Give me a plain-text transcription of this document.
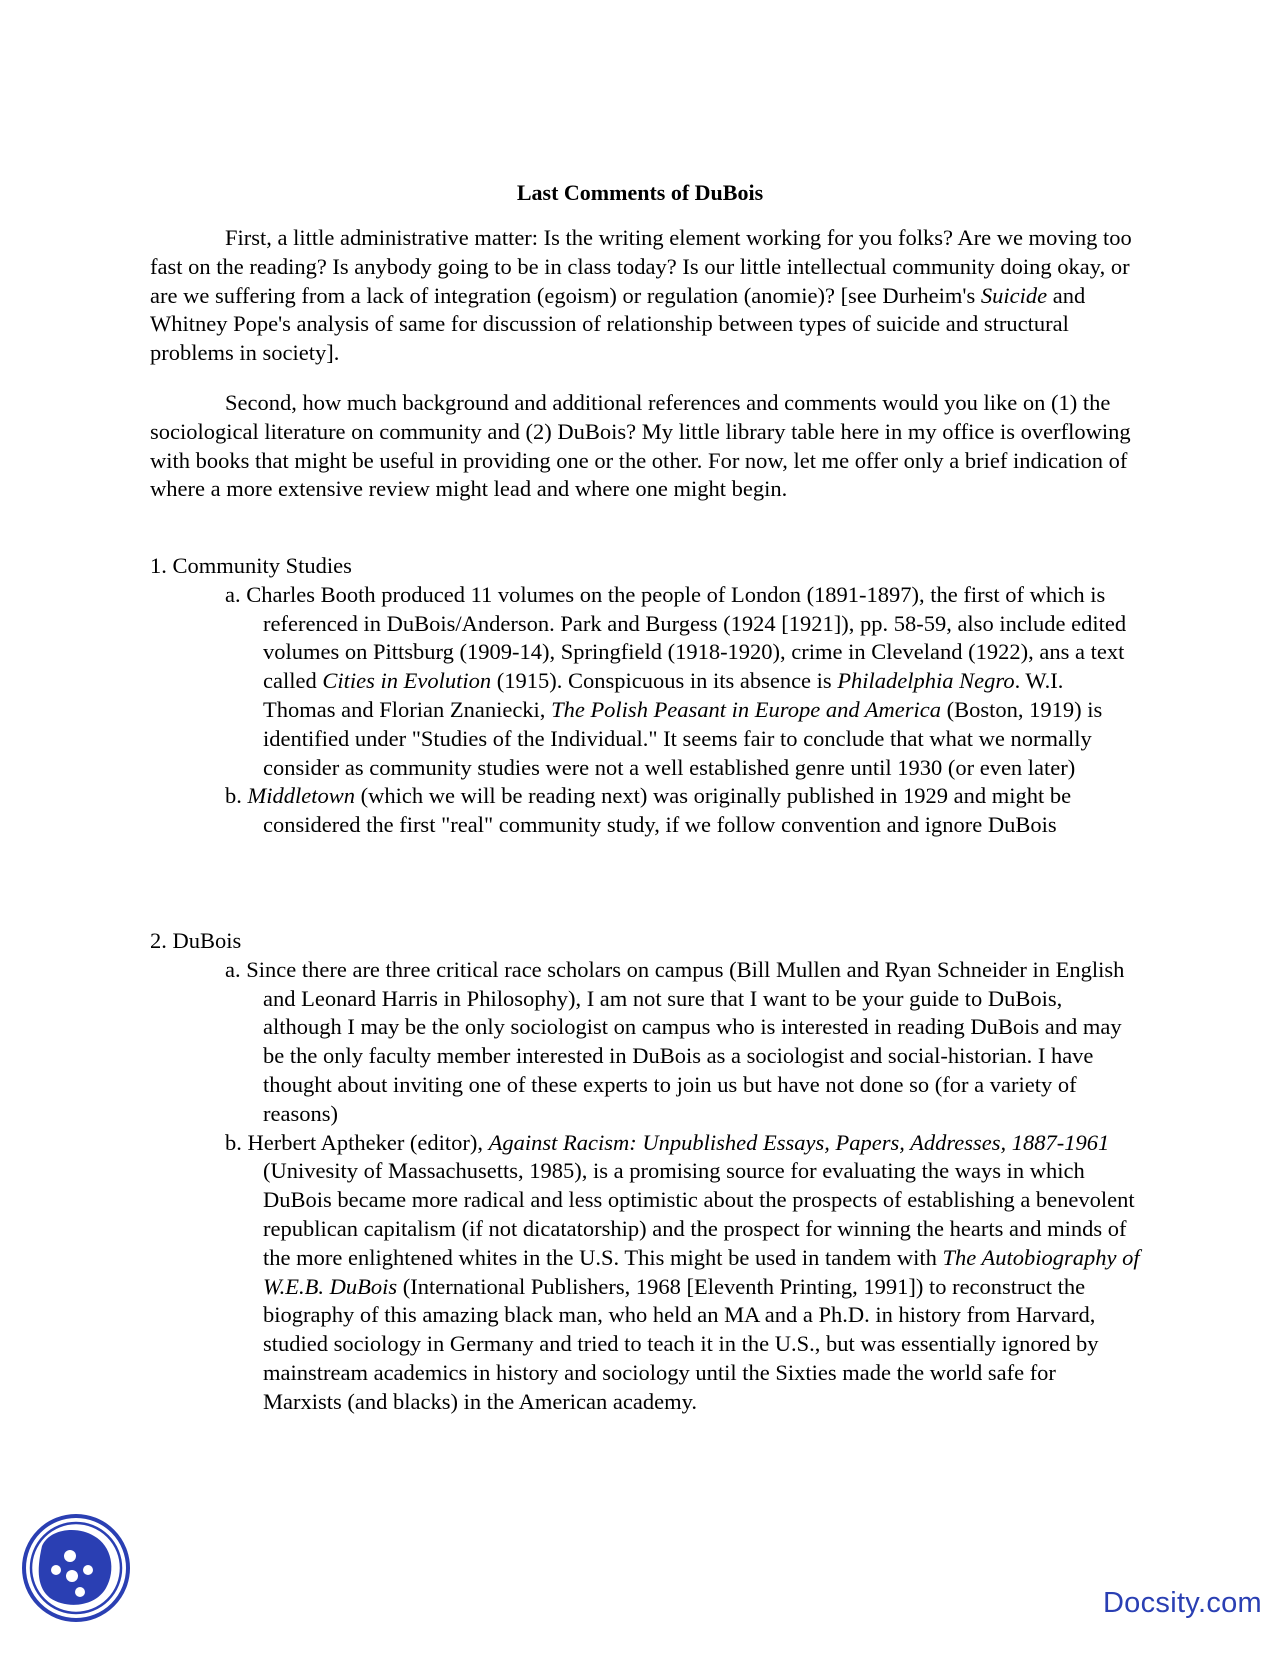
Last Comments of DuBois

First, a little administrative matter: Is the writing element working for you folks? Are we moving too fast on the reading? Is anybody going to be in class today? Is our little intellectual community doing okay, or are we suffering from a lack of integration (egoism) or regulation (anomie)? [see Durheim's Suicide and Whitney Pope's analysis of same for discussion of relationship between types of suicide and structural problems in society].

Second, how much background and additional references and comments would you like on (1) the sociological literature on community and (2) DuBois? My little library table here in my office is overflowing with books that might be useful in providing one or the other. For now, let me offer only a brief indication of where a more extensive review might lead and where one might begin.

1. Community Studies

a. Charles Booth produced 11 volumes on the people of London (1891-1897), the first of which is referenced in DuBois/Anderson. Park and Burgess (1924 [1921]), pp. 58-59, also include edited volumes on Pittsburg (1909-14), Springfield (1918-1920), crime in Cleveland (1922), ans a text called Cities in Evolution (1915). Conspicuous in its absence is Philadelphia Negro. W.I. Thomas and Florian Znaniecki, The Polish Peasant in Europe and America (Boston, 1919) is identified under "Studies of the Individual." It seems fair to conclude that what we normally consider as community studies were not a well established genre until 1930 (or even later)

b. Middletown (which we will be reading next) was originally published in 1929 and might be considered the first "real" community study, if we follow convention and ignore DuBois

2. DuBois

a. Since there are three critical race scholars on campus (Bill Mullen and Ryan Schneider in English and Leonard Harris in Philosophy), I am not sure that I want to be your guide to DuBois, although I may be the only sociologist on campus who is interested in reading DuBois and may be the only faculty member interested in DuBois as a sociologist and social-historian. I have thought about inviting one of these experts to join us but have not done so (for a variety of reasons)

b. Herbert Aptheker (editor), Against Racism: Unpublished Essays, Papers, Addresses, 1887-1961 (Univesity of Massachusetts, 1985), is a promising source for evaluating the ways in which DuBois became more radical and less optimistic about the prospects of establishing a benevolent republican capitalism (if not dicatatorship) and the prospect for winning the hearts and minds of the more enlightened whites in the U.S. This might be used in tandem with The Autobiography of W.E.B. DuBois (International Publishers, 1968 [Eleventh Printing, 1991]) to reconstruct the biography of this amazing black man, who held an MA and a Ph.D. in history from Harvard, studied sociology in Germany and tried to teach it in the U.S., but was essentially ignored by mainstream academics in history and sociology until the Sixties made the world safe for Marxists (and blacks) in the American academy.

Docsity.com
